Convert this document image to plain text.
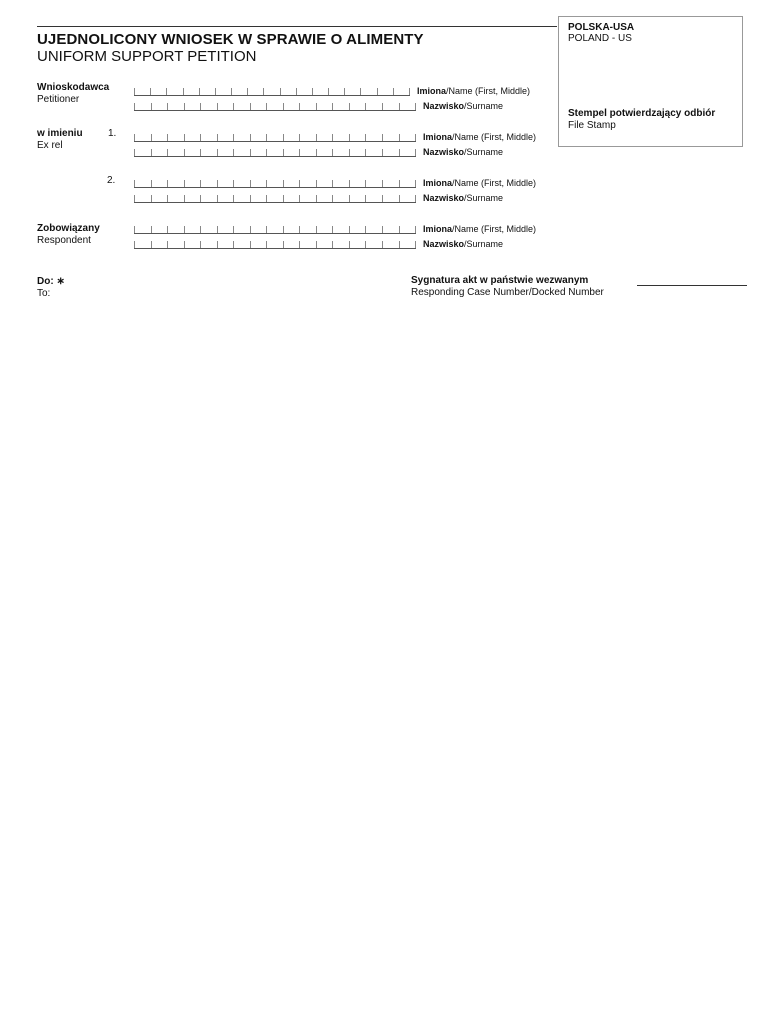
UJEDNOLICONY WNIOSEK W SPRAWIE O ALIMENTY
UNIFORM SUPPORT PETITION
POLSKA-USA
POLAND - US
Stempel potwierdzający odbiór
File Stamp
Wnioskodawca
Petitioner
Imiona/Name (First, Middle)
Nazwisko/Surname
w imieniu
Ex rel
1.	Imiona/Name (First, Middle)
Nazwisko/Surname
2.	Imiona/Name (First, Middle)
Nazwisko/Surname
Zobowiązany
Respondent
Imiona/Name (First, Middle)
Nazwisko/Surname
Do: ∗
To:
Sygnatura akt w państwie wezwanym
Responding Case Number/Docked Number
